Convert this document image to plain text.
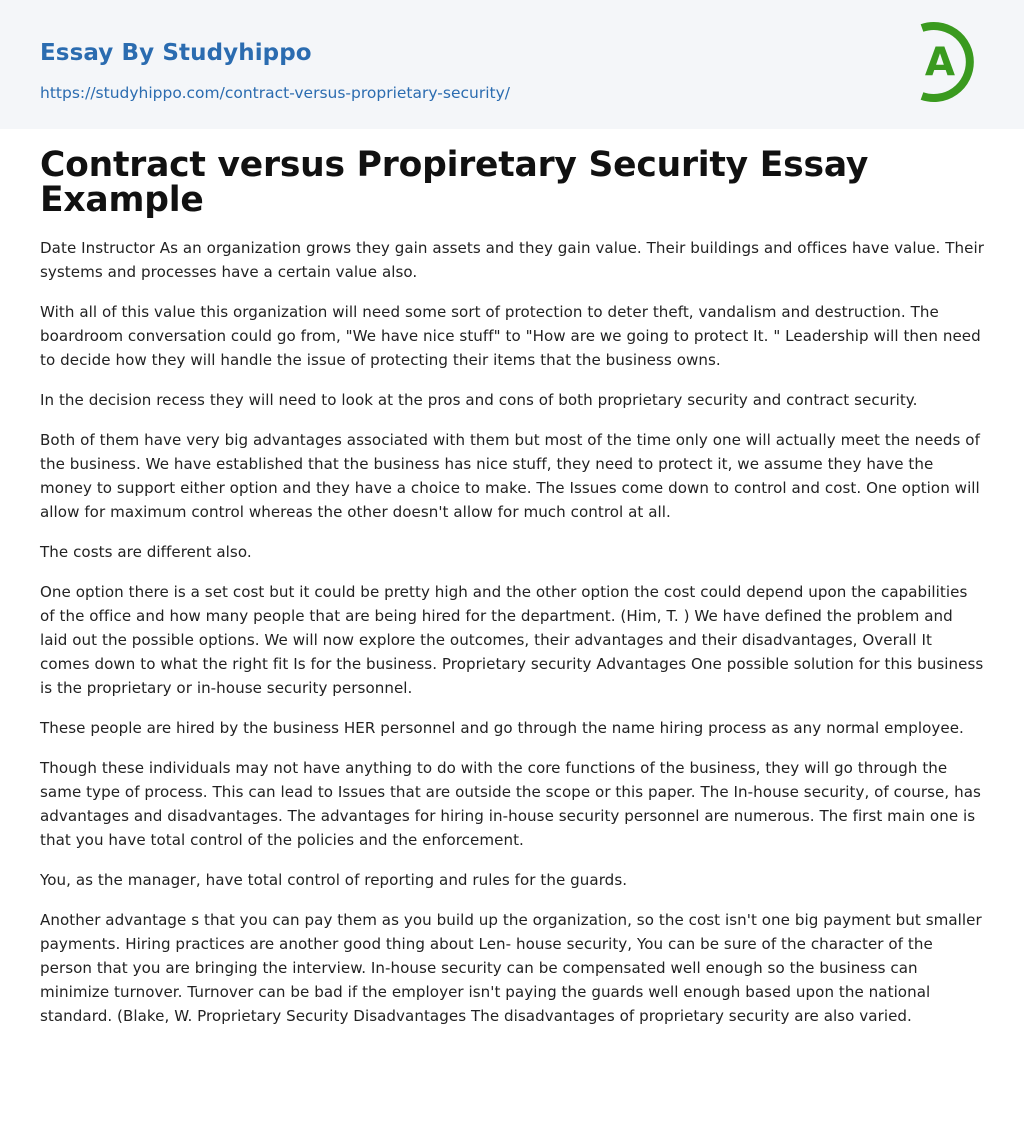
Essay By Studyhippo
https://studyhippo.com/contract-versus-proprietary-security/
A
Contract versus Propiretary Security Essay Example

Date Instructor As an organization grows they gain assets and they gain value. Their buildings and offices have value. Their systems and processes have a certain value also.

With all of this value this organization will need some sort of protection to deter theft, vandalism and destruction. The boardroom conversation could go from, "We have nice stuff" to "How are we going to protect It. " Leadership will then need to decide how they will handle the issue of protecting their items that the business owns.

In the decision recess they will need to look at the pros and cons of both proprietary security and contract security.

Both of them have very big advantages associated with them but most of the time only one will actually meet the needs of the business. We have established that the business has nice stuff, they need to protect it, we assume they have the money to support either option and they have a choice to make. The Issues come down to control and cost. One option will allow for maximum control whereas the other doesn't allow for much control at all.

The costs are different also.

One option there is a set cost but it could be pretty high and the other option the cost could depend upon the capabilities of the office and how many people that are being hired for the department. (Him, T. ) We have defined the problem and laid out the possible options. We will now explore the outcomes, their advantages and their disadvantages, Overall It comes down to what the right fit Is for the business. Proprietary security Advantages One possible solution for this business is the proprietary or in-house security personnel.

These people are hired by the business HER personnel and go through the name hiring process as any normal employee.

Though these individuals may not have anything to do with the core functions of the business, they will go through the same type of process. This can lead to Issues that are outside the scope or this paper. The In-house security, of course, has advantages and disadvantages. The advantages for hiring in-house security personnel are numerous. The first main one is that you have total control of the policies and the enforcement.

You, as the manager, have total control of reporting and rules for the guards.

Another advantage s that you can pay them as you build up the organization, so the cost isn't one big payment but smaller payments. Hiring practices are another good thing about Len- house security, You can be sure of the character of the person that you are bringing the interview. In-house security can be compensated well enough so the business can minimize turnover. Turnover can be bad if the employer isn't paying the guards well enough based upon the national standard. (Blake, W. Proprietary Security Disadvantages The disadvantages of proprietary security are also varied.
